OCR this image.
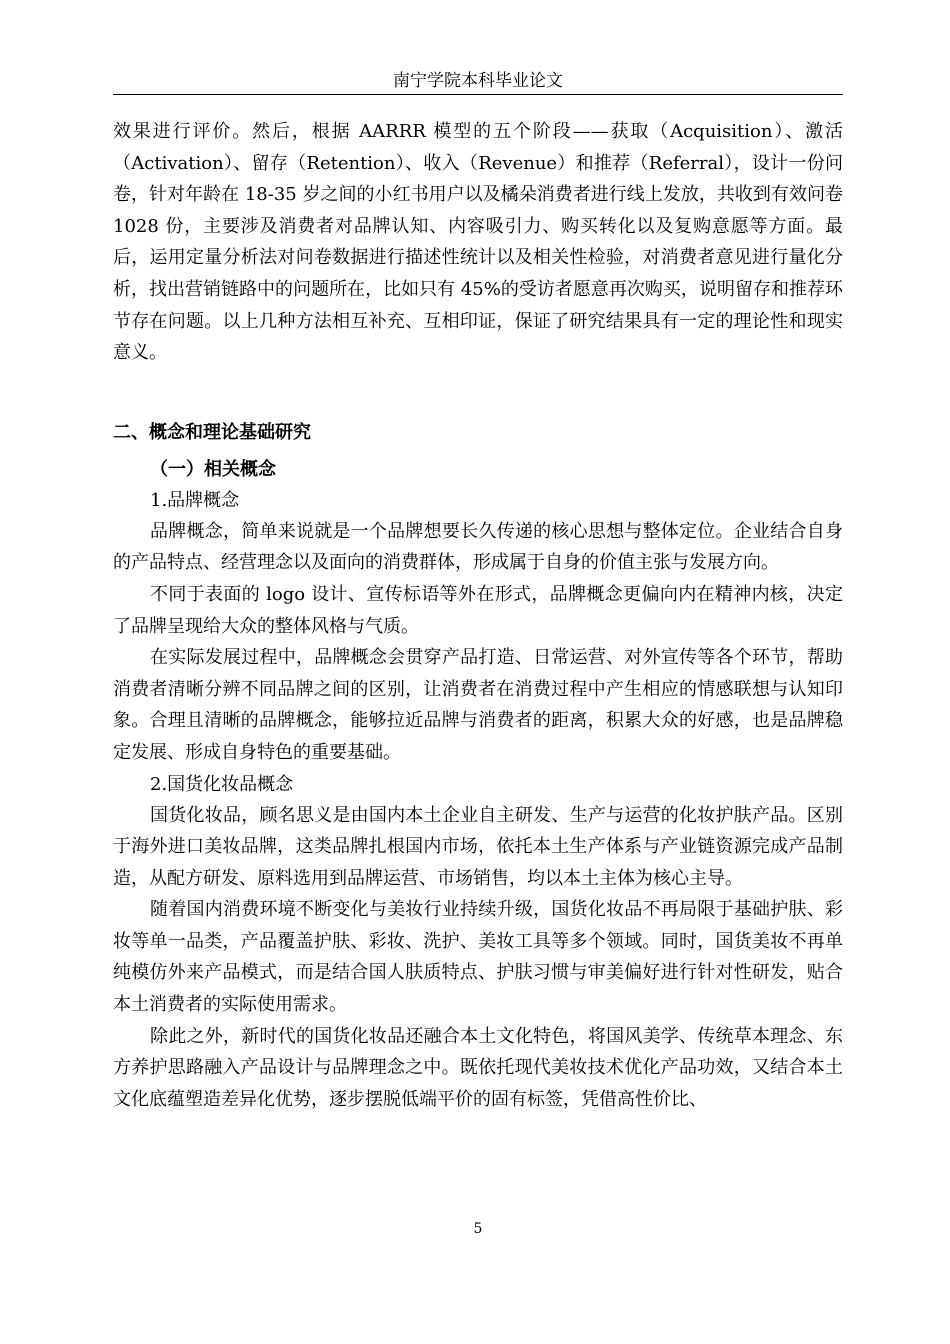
南宁学院本科毕业论文

效果进行评价。然后，根据 AARRR 模型的五个阶段——获取（Acquisition）、激活（Activation）、留存（Retention）、收入（Revenue）和推荐（Referral），设计一份问卷，针对年龄在 18-35 岁之间的小红书用户以及橘朵消费者进行线上发放，共收到有效问卷 1028 份，主要涉及消费者对品牌认知、内容吸引力、购买转化以及复购意愿等方面。最后，运用定量分析法对问卷数据进行描述性统计以及相关性检验，对消费者意见进行量化分析，找出营销链路中的问题所在，比如只有 45%的受访者愿意再次购买，说明留存和推荐环节存在问题。以上几种方法相互补充、互相印证，保证了研究结果具有一定的理论性和现实意义。

二、概念和理论基础研究
（一）相关概念
1.品牌概念

品牌概念，简单来说就是一个品牌想要长久传递的核心思想与整体定位。企业结合自身的产品特点、经营理念以及面向的消费群体，形成属于自身的价值主张与发展方向。

不同于表面的 logo 设计、宣传标语等外在形式，品牌概念更偏向内在精神内核，决定了品牌呈现给大众的整体风格与气质。

在实际发展过程中，品牌概念会贯穿产品打造、日常运营、对外宣传等各个环节，帮助消费者清晰分辨不同品牌之间的区别，让消费者在消费过程中产生相应的情感联想与认知印象。合理且清晰的品牌概念，能够拉近品牌与消费者的距离，积累大众的好感，也是品牌稳定发展、形成自身特色的重要基础。

2.国货化妆品概念

国货化妆品，顾名思义是由国内本土企业自主研发、生产与运营的化妆护肤产品。区别于海外进口美妆品牌，这类品牌扎根国内市场，依托本土生产体系与产业链资源完成产品制造，从配方研发、原料选用到品牌运营、市场销售，均以本土主体为核心主导。

随着国内消费环境不断变化与美妆行业持续升级，国货化妆品不再局限于基础护肤、彩妆等单一品类，产品覆盖护肤、彩妆、洗护、美妆工具等多个领域。同时，国货美妆不再单纯模仿外来产品模式，而是结合国人肤质特点、护肤习惯与审美偏好进行针对性研发，贴合本土消费者的实际使用需求。

除此之外，新时代的国货化妆品还融合本土文化特色，将国风美学、传统草本理念、东方养护思路融入产品设计与品牌理念之中。既依托现代美妆技术优化产品功效，又结合本土文化底蕴塑造差异化优势，逐步摆脱低端平价的固有标签，凭借高性价比、

5
